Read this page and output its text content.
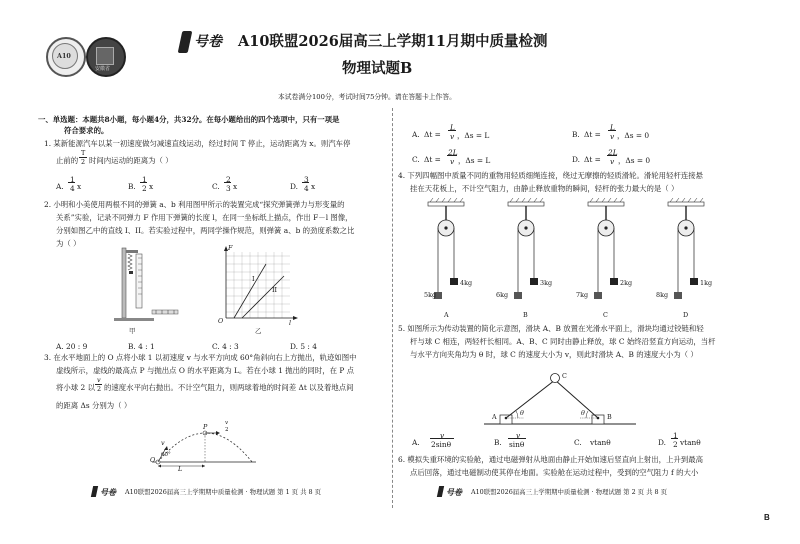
A10
安徽省
号卷 A10联盟2026届高三上学期11月期中质量检测
物理试题B
本试卷满分100分，考试时间75分钟。请在答题卡上作答。
一、单选题：本题共8小题，每小题4分，共32分。在每小题给出的四个选项中，只有一项是
符合要求的。
1. 某新能源汽车以某一初速度做匀减速直线运动，经过时间 T 停止，运动距离为 x。则汽车停
止前的
T
2 时间内运动的距离为（ ）
A.
1
4 x	B.
1
2 x	C.
2
3 x	D.
3
4 x
2. 小明和小美使用两根不同的弹簧 a、b 利用图甲所示的装置完成“探究弹簧弹力与形变量的
关系”实验，记录不同弹力 F 作用下弹簧的长度 l，在同一坐标纸上描点，作出 F－l 图像，
分别如图乙中的直线 I、II。若实验过程中，两同学操作规范，则弹簧 a、b 的劲度系数之比
为（ ）
甲
F
l
O
I
II
乙
A. 20 : 9	B. 4 : 1	C. 4 : 3	D. 5 : 4
3. 在水平地面上的 O 点将小球 1 以初速度 v 与水平方向成 60°角斜向右上方抛出，轨迹如图中
虚线所示，虚线的最高点 P 与抛出点 O 的水平距离为 L。若在小球 1 抛出的同时，在 P 点
将小球 2 以
v
2 的速度水平向右抛出。不计空气阻力，则两球着地的时间差 Δt 以及着地点间
的距离 Δs 分别为（ ）
O
P
v
60°
v
2
L
号卷 A10联盟2026届高三上学期期中质量检测 · 物理试题 第 1 页 共 8 页
A. Δt =
L
v ，Δs = L	B. Δt =
L
v ，Δs = 0
C. Δt =
2L
v ，Δs = L	D. Δt =
2L
v ，Δs = 0
4. 下列四幅图中质量不同的重物用轻质细绳连接，绕过无摩擦的轻质滑轮。滑轮用轻杆连接悬
挂在天花板上，不计空气阻力，由静止释放重物的瞬间，轻杆的张力最大的是（ ）
5kg
4kg
A
6kg
3kg
B
7kg
2kg
C
8kg
1kg
D
5. 如图所示为传动装置的简化示意图，滑块 A、B 放置在光滑水平面上，滑块均通过铰链和轻
杆与球 C 相连，两轻杆长相同。A、B、C 同时由静止释放，球 C 始终沿竖直方向运动，当杆
与水平方向夹角均为 θ 时，球 C 的速度大小为 v，则此时滑块 A、B 的速度大小为（ ）
A	B
C
θ	θ
A.
v
2sinθ	B.
v
sinθ	C. vtanθ	D.
1
2 vtanθ
6. 模拟失重环境的实验舱，通过电磁弹射从地面由静止开始加速后竖直向上射出，上升到最高
点后回落，通过电磁制动使其停在地面。实验舱在运动过程中，受到的空气阻力 f 的大小
号卷 A10联盟2026届高三上学期期中质量检测 · 物理试题 第 2 页 共 8 页
B
